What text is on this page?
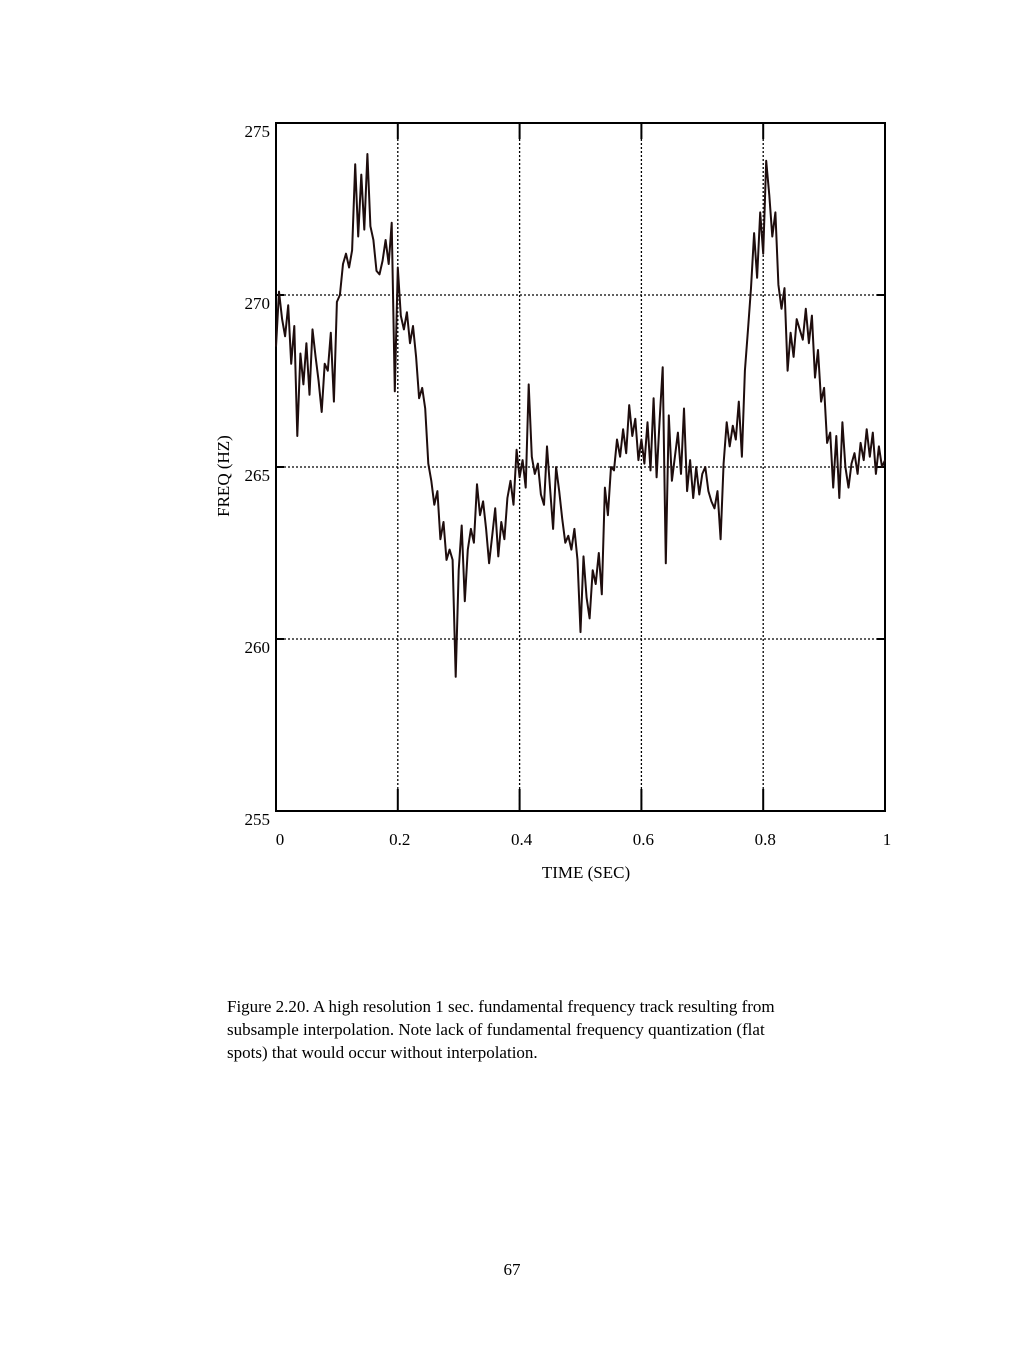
0	0.2	0.4	0.6	0.8	1
255
260
265
270
275
TIME (SEC)
FREQ (HZ)
Figure 2.20. A high resolution 1 sec. fundamental frequency track resulting from
subsample interpolation. Note lack of fundamental frequency quantization (flat
spots) that would occur without interpolation.
67
